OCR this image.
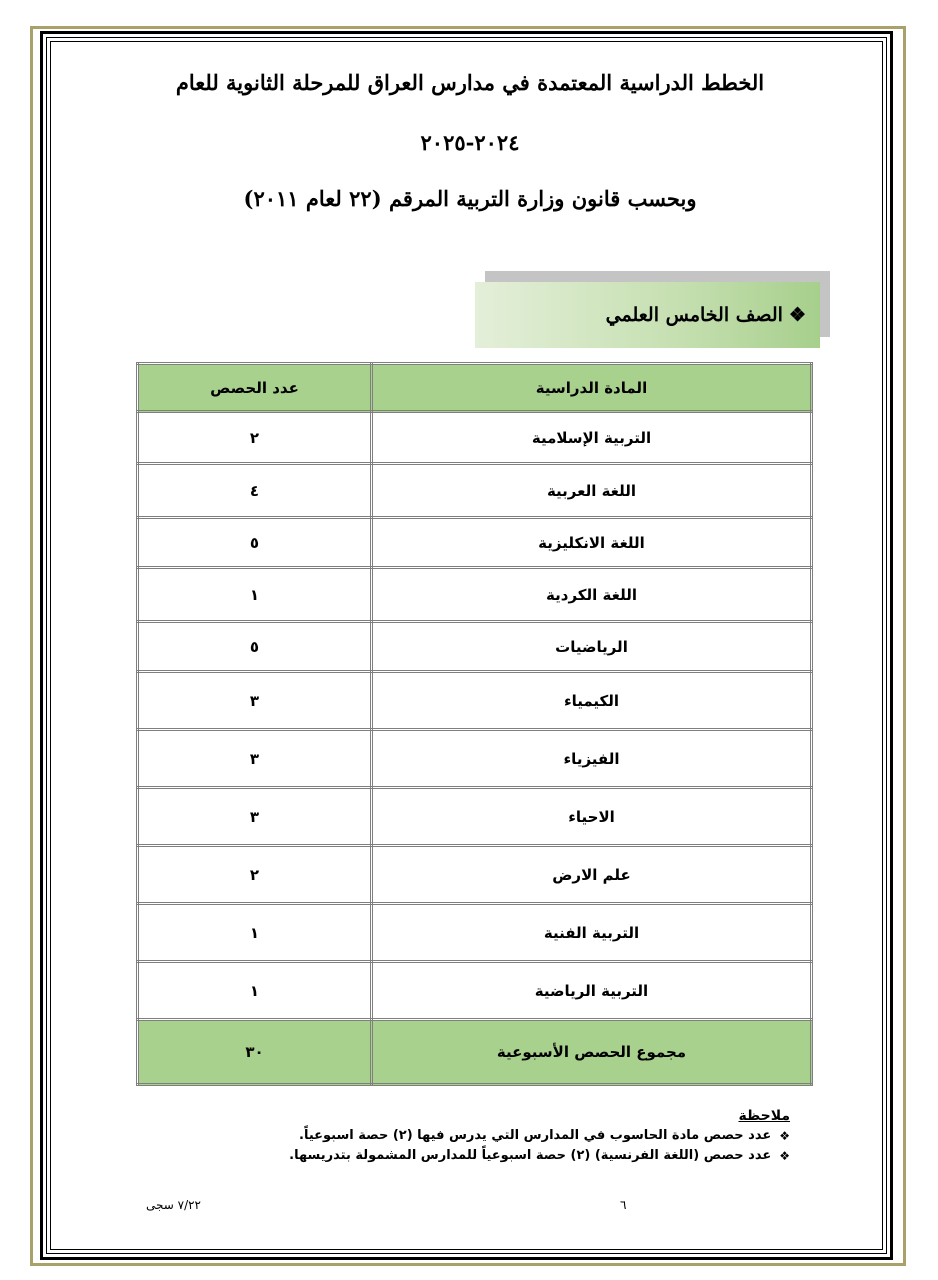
الخطط الدراسية المعتمدة في مدارس العراق للمرحلة الثانوية للعام
٢٠٢٤-٢٠٢٥
وبحسب قانون وزارة التربية المرقم (٢٢ لعام ٢٠١١)
❖
الصف الخامس العلمي
المادة الدراسية	عدد الحصص
التربية الإسلامية	٢
اللغة العربية	٤
اللغة الانكليزية	٥
اللغة الكردية	١
الرياضيات	٥
الكيمياء	٣
الفيزياء	٣
الاحياء	٣
علم الارض	٢
التربية الفنية	١
التربية الرياضية	١
مجموع الحصص الأسبوعية	٣٠
ملاحظة
❖
عدد حصص مادة الحاسوب في المدارس التي يدرس فيها (٢) حصة اسبوعياً.
❖
عدد حصص (اللغة الفرنسية) (٢) حصة اسبوعياً للمدارس المشمولة بتدريسها.
٦
٧/٢٢ سجى
